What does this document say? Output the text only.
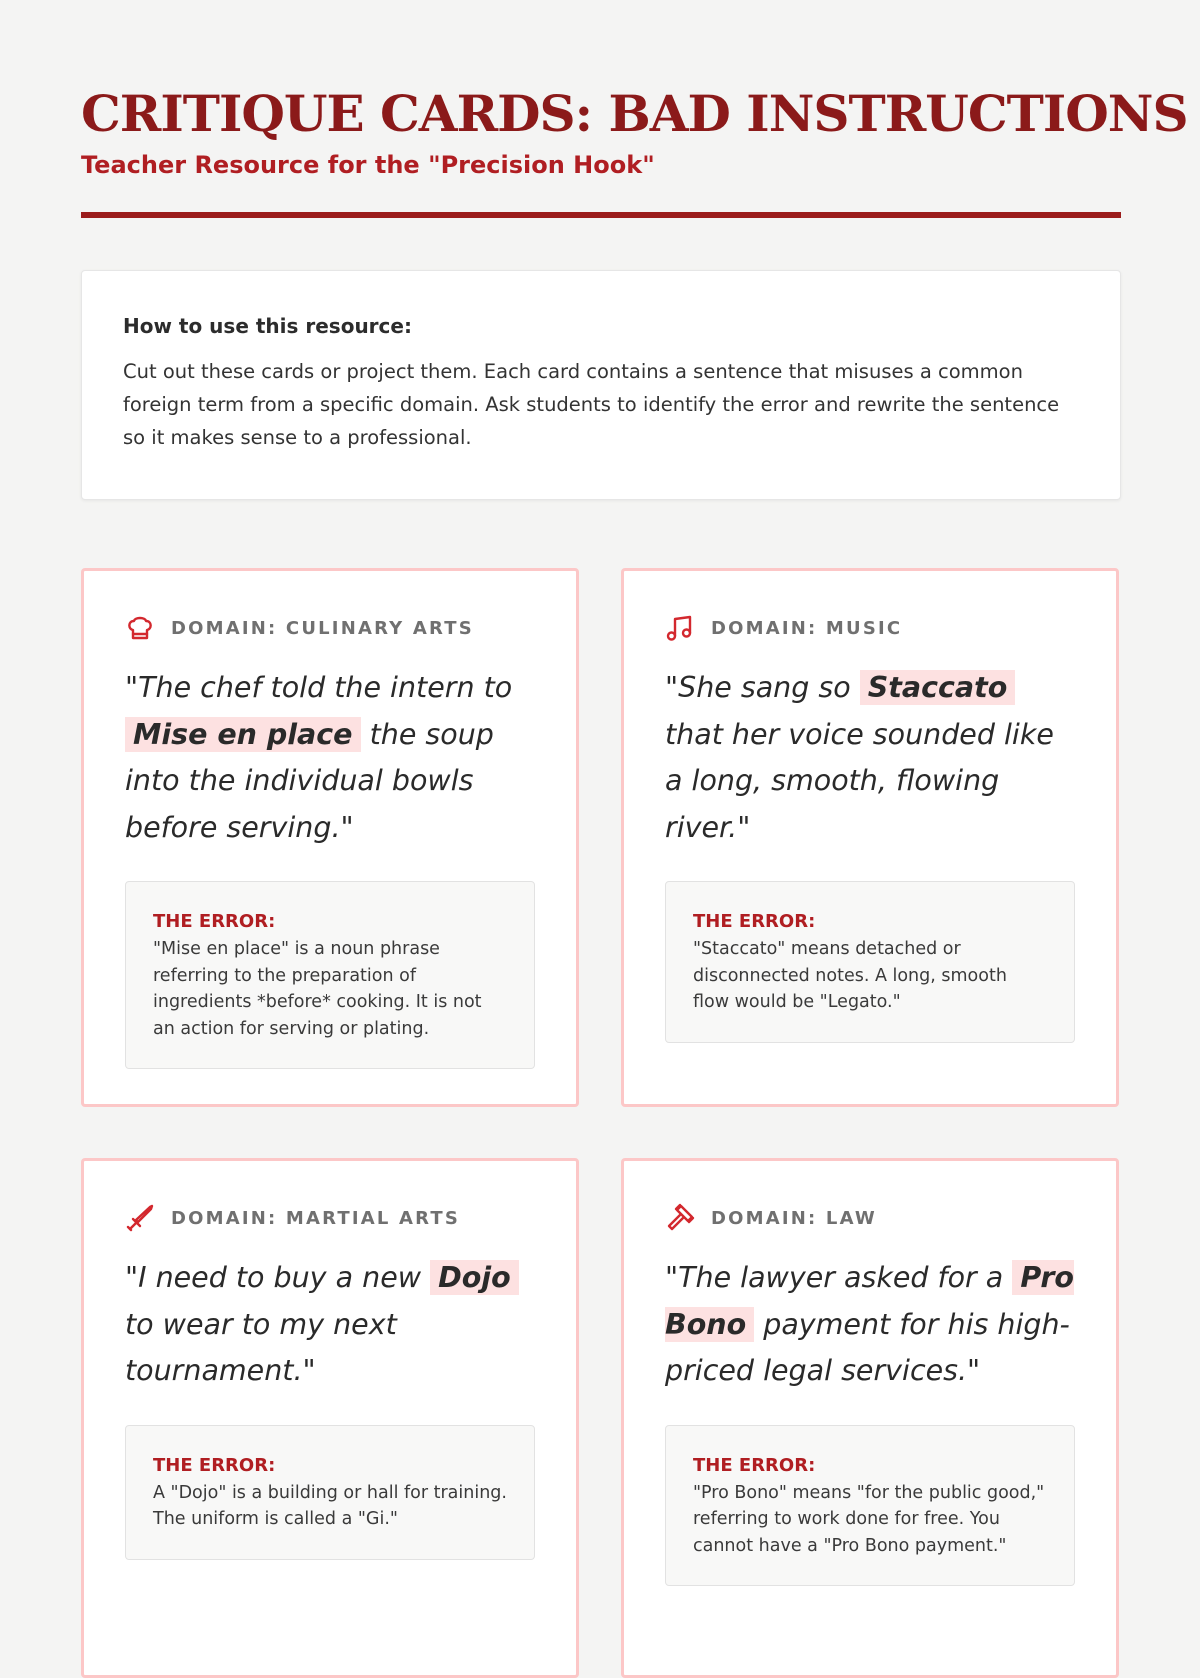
CRITIQUE CARDS: BAD INSTRUCTIONS
Teacher Resource for the "Precision Hook"

How to use this resource:

Cut out these cards or project them. Each card contains a sentence that misuses a common foreign term from a specific domain. Ask students to identify the error and rewrite the sentence so it makes sense to a professional.

DOMAIN: CULINARY ARTS

"The chef told the intern to Mise en place the soup into the individual bowls before serving."

THE ERROR:

"Mise en place" is a noun phrase referring to the preparation of ingredients *before* cooking. It is not an action for serving or plating.

DOMAIN: MUSIC

"She sang so Staccato that her voice sounded like a long, smooth, flowing river."

THE ERROR:

"Staccato" means detached or disconnected notes. A long, smooth flow would be "Legato."

DOMAIN: MARTIAL ARTS

"I need to buy a new Dojo to wear to my next tournament."

THE ERROR:

A "Dojo" is a building or hall for training. The uniform is called a "Gi."

DOMAIN: LAW

"The lawyer asked for a Pro Bono payment for his high-priced legal services."

THE ERROR:

"Pro Bono" means "for the public good," referring to work done for free. You cannot have a "Pro Bono payment."
